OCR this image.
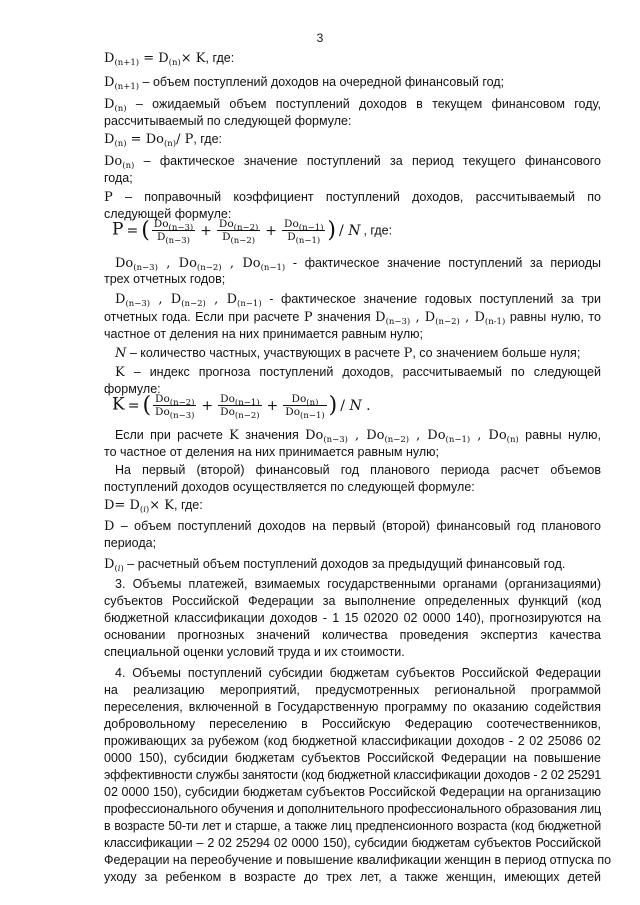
3
$D_{(n+1)} = D_{(n)}\times K$, где:
$D_{(n+1)}$ – объем поступлений доходов на очередной финансовый год;
$D_{(n)}$ – ожидаемый объем поступлений доходов в текущем финансовом году,
рассчитываемый по следующей формуле:
$D_{(n)} = Do_{(n)}/$ P, где:
$Do_{(n)}$ – фактическое значение поступлений за период текущего финансового
года;
P – поправочный коэффициент поступлений доходов, рассчитываемый по
следующей формуле:
P = ( $\frac{Do_{(n-3)}}{D_{(n-3)}} + \frac{Do_{(n-2)}}{D_{(n-2)}} + \frac{Do_{(n-1)}}{D_{(n-1)}}$ ) / N , где:
$Do_{(n-3)}$ , $Do_{(n-2)}$ , $Do_{(n-1)}$ - фактическое значение поступлений за периоды
трех отчетных годов;
$D_{(n-3)}$ , $D_{(n-2)}$ , $D_{(n-1)}$ - фактическое значение годовых поступлений за три
отчетных года. Если при расчете P значения $D_{(n-3)}$ , $D_{(n-2)}$ , $D_{(n-1)}$ равны нулю, то
частное от деления на них принимается равным нулю;
N – количество частных, участвующих в расчете P, со значением больше нуля;
K – индекс прогноза поступлений доходов, рассчитываемый по следующей
формуле:
K = ( $\frac{Do_{(n-2)}}{Do_{(n-3)}} + \frac{Do_{(n-1)}}{Do_{(n-2)}} + \frac{Do_{(n)}}{Do_{(n-1)}}$ ) / N .
Если при расчете K значения $Do_{(n-3)}$ , $Do_{(n-2)}$ , $Do_{(n-1)}$ , $Do_{(n)}$ равны нулю,
то частное от деления на них принимается равным нулю;
На первый (второй) финансовый год планового периода расчет объемов
поступлений доходов осуществляется по следующей формуле:
$D= D_{(i)}\times K$, где:
D – объем поступлений доходов на первый (второй) финансовый год планового
периода;
$D_{(i)}$ – расчетный объем поступлений доходов за предыдущий финансовый год.
3. Объемы платежей, взимаемых государственными органами (организациями)
субъектов Российской Федерации за выполнение определенных функций (код
бюджетной классификации доходов - 1 15 02020 02 0000 140), прогнозируются на
основании прогнозных значений количества проведения экспертиз качества
специальной оценки условий труда и их стоимости.
4. Объемы поступлений субсидии бюджетам субъектов Российской Федерации
на реализацию мероприятий, предусмотренных региональной программой
переселения, включенной в Государственную программу по оказанию содействия
добровольному переселению в Российскую Федерацию соотечественников,
проживающих за рубежом (код бюджетной классификации доходов - 2 02 25086 02
0000 150), субсидии бюджетам субъектов Российской Федерации на повышение
эффективности службы занятости (код бюджетной классификации доходов - 2 02 25291
02 0000 150), субсидии бюджетам субъектов Российской Федерации на организацию
профессионального обучения и дополнительного профессионального образования лиц
в возрасте 50-ти лет и старше, а также лиц предпенсионного возраста (код бюджетной
классификации – 2 02 25294 02 0000 150), субсидии бюджетам субъектов Российской
Федерации на переобучение и повышение квалификации женщин в период отпуска по
уходу за ребенком в возрасте до трех лет, а также женщин, имеющих детей
